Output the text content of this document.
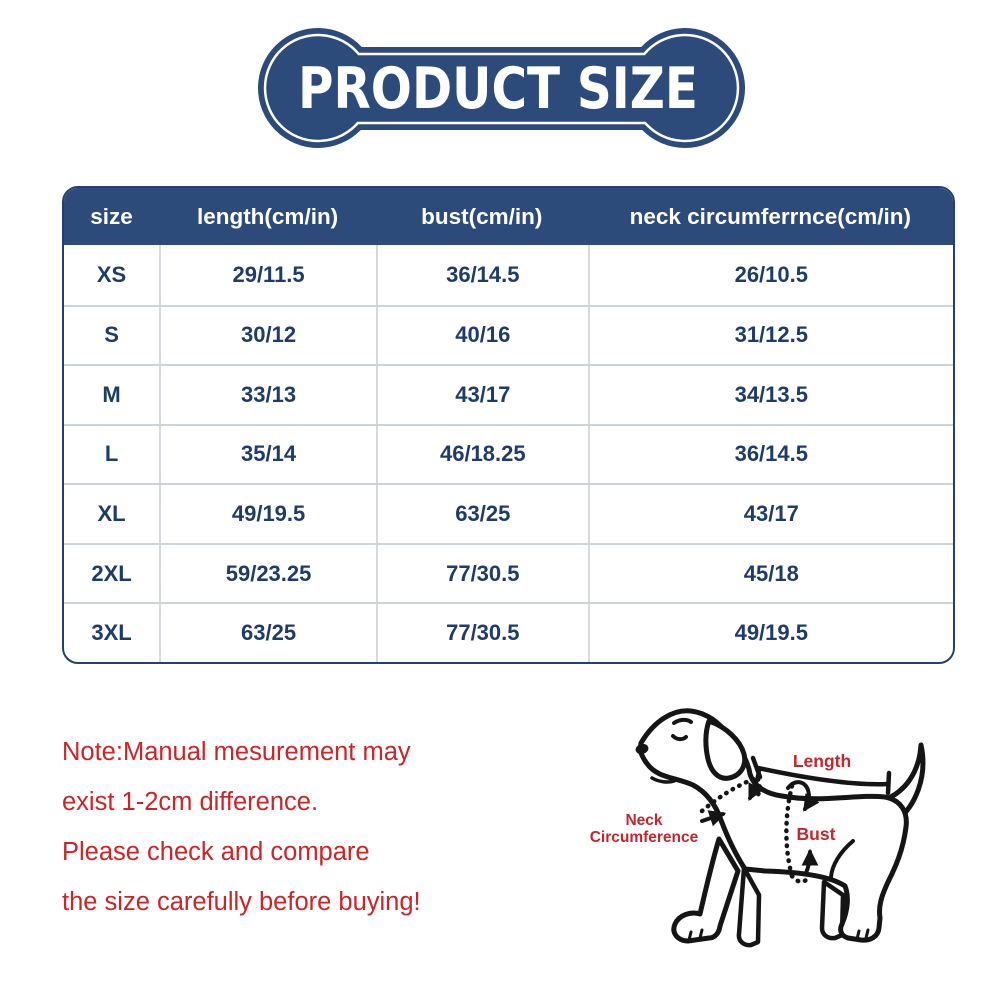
PRODUCT SIZE
size	length(cm/in)	bust(cm/in)	neck circumferrnce(cm/in)
XS	29/11.5	36/14.5	26/10.5
S	30/12	40/16	31/12.5
M	33/13	43/17	34/13.5
L	35/14	46/18.25	36/14.5
XL	49/19.5	63/25	43/17
2XL	59/23.25	77/30.5	45/18
3XL	63/25	77/30.5	49/19.5
Note:Manual mesurement may
exist 1-2cm difference.
Please check and compare
the size carefully before buying!
Length
Neck
Circumference	Bust
